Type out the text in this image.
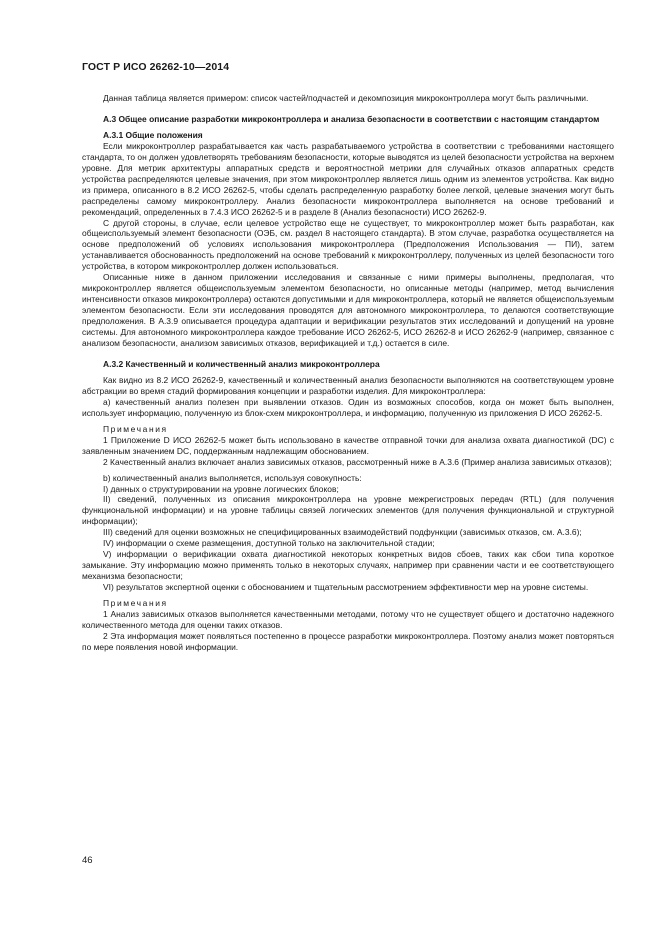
ГОСТ Р ИСО 26262-10—2014

Данная таблица является примером: список частей/подчастей и декомпозиция микроконтроллера могут быть различными.

А.3 Общее описание разработки микроконтроллера и анализа безопасности в соответствии с настоящим стандартом

А.3.1 Общие положения

Если микроконтроллер разрабатывается как часть разрабатываемого устройства в соответствии с требованиями настоящего стандарта, то он должен удовлетворять требованиям безопасности, которые выводятся из целей безопасности устройства на верхнем уровне. Для метрик архитектуры аппаратных средств и вероятностной метрики для случайных отказов аппаратных средств устройства распределяются целевые значения, при этом микроконтроллер является лишь одним из элементов устройства. Как видно из примера, описанного в 8.2 ИСО 26262-5, чтобы сделать распределенную разработку более легкой, целевые значения могут быть распределены самому микроконтроллеру. Анализ безопасности микроконтроллера выполняется на основе требований и рекомендаций, определенных в 7.4.3 ИСО 26262-5 и в разделе 8 (Анализ безопасности) ИСО 26262-9.

С другой стороны, в случае, если целевое устройство еще не существует, то микроконтроллер может быть разработан, как общеиспользуемый элемент безопасности (ОЭБ, см. раздел 8 настоящего стандарта). В этом случае, разработка осуществляется на основе предположений об условиях использования микроконтроллера (Предположения Использования — ПИ), затем устанавливается обоснованность предположений на основе требований к микроконтроллеру, полученных из целей безопасности того устройства, в котором микроконтроллер должен использоваться.

Описанные ниже в данном приложении исследования и связанные с ними примеры выполнены, предполагая, что микроконтроллер является общеиспользуемым элементом безопасности, но описанные методы (например, метод вычисления интенсивности отказов микроконтроллера) остаются допустимыми и для микроконтроллера, который не является общеиспользуемым элементом безопасности. Если эти исследования проводятся для автономного микроконтроллера, то делаются соответствующие предположения. В А.3.9 описывается процедура адаптации и верификации результатов этих исследований и допущений на уровне системы. Для автономного микроконтроллера каждое требование ИСО 26262-5, ИСО 26262-8 и ИСО 26262-9 (например, связанное с анализом безопасности, анализом зависимых отказов, верификацией и т.д.) остается в силе.

А.3.2 Качественный и количественный анализ микроконтроллера

Как видно из 8.2 ИСО 26262-9, качественный и количественный анализ безопасности выполняются на соответствующем уровне абстракции во время стадий формирования концепции и разработки изделия. Для микроконтроллера:

а) качественный анализ полезен при выявлении отказов. Один из возможных способов, когда он может быть выполнен, использует информацию, полученную из блок-схем микроконтроллера, и информацию, полученную из приложения D ИСО 26262-5.

Примечания

1 Приложение D ИСО 26262-5 может быть использовано в качестве отправной точки для анализа охвата диагностикой (DC) с заявленным значением DC, поддержанным надлежащим обоснованием.

2 Качественный анализ включает анализ зависимых отказов, рассмотренный ниже в А.3.6 (Пример анализа зависимых отказов);

b) количественный анализ выполняется, используя совокупность:

I) данных о структурировании на уровне логических блоков;

II) сведений, полученных из описания микроконтроллера на уровне межрегистровых передач (RTL) (для получения функциональной информации) и на уровне таблицы связей логических элементов (для получения функциональной и структурной информации);

III) сведений для оценки возможных не специфицированных взаимодействий подфункции (зависимых отказов, см. А.3.6);

IV) информации о схеме размещения, доступной только на заключительной стадии;

V) информации о верификации охвата диагностикой некоторых конкретных видов сбоев, таких как сбои типа короткое замыкание. Эту информацию можно применять только в некоторых случаях, например при сравнении части и ее соответствующего механизма безопасности;

VI) результатов экспертной оценки с обоснованием и тщательным рассмотрением эффективности мер на уровне системы.

Примечания

1 Анализ зависимых отказов выполняется качественными методами, потому что не существует общего и достаточно надежного количественного метода для оценки таких отказов.

2 Эта информация может появляться постепенно в процессе разработки микроконтроллера. Поэтому анализ может повторяться по мере появления новой информации.

46
